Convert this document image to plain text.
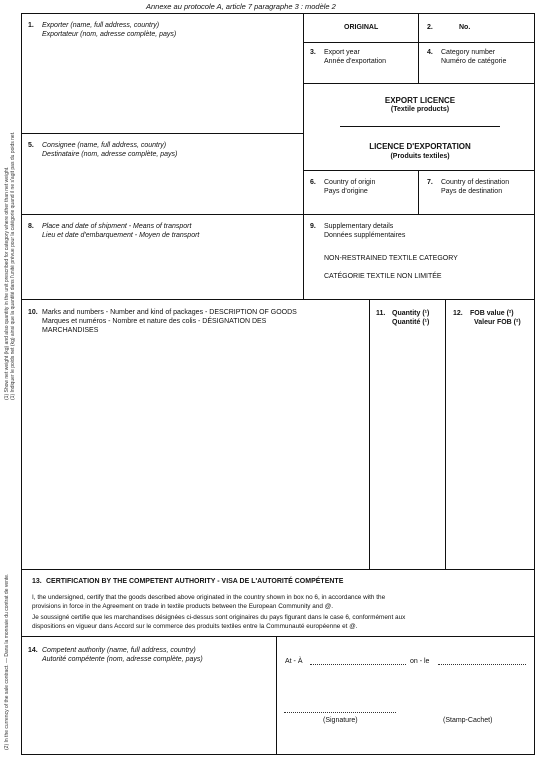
Annexe au protocole A, article 7 paragraphe 3 : modèle 2
(1) Show net weight (kg) and also quantity in the unit prescribed for category where other than net weight. (1) Indiquer le poids net (kg) ainsi que la quantité dans l'unité prévue pour la catégorie quand il ne s'agit pas du poids net.
(2) In the currency of the sale contract. — Dans la monnaie du contrat de vente.
1. Exporter (name, full address, country)
Exportateur (nom, adresse complète, pays)
ORIGINAL	2.	No.
3. Export year
Année d'exportation
4. Category number
Numéro de catégorie
EXPORT LICENCE
(Textile products)
LICENCE D'EXPORTATION
(Produits textiles)
5. Consignee (name, full address, country)
Destinataire (nom, adresse complète, pays)
6. Country of origin
Pays d'origine
7. Country of destination
Pays de destination
8. Place and date of shipment - Means of transport
Lieu et date d'embarquement - Moyen de transport
9. Supplementary details
Données supplémentaires
NON-RESTRAINED TEXTILE CATEGORY
CATÉGORIE TEXTILE NON LIMITÉE
10. Marks and numbers - Number and kind of packages - DESCRIPTION OF GOODS
Marques et numéros - Nombre et nature des colis - DÉSIGNATION DES
MARCHANDISES
11. Quantity (¹)
Quantité (¹)
12. FOB value (²)
Valeur FOB (²)
13. CERTIFICATION BY THE COMPETENT AUTHORITY - VISA DE L'AUTORITÉ COMPÉTENTE
I, the undersigned, certify that the goods described above originated in the country shown in box no 6, in accordance with the
provisions in force in the Agreement on trade in textile products between the European Community and @.
Je soussigné certifie que les marchandises désignées ci-dessus sont originaires du pays figurant dans le case 6, conformément aux
dispositions en vigueur dans Accord sur le commerce des produits textiles entre la Communauté européenne et @.
14. Competent authority (name, full address, country)
Autorité compétente (nom, adresse complète, pays)	At - À	on - le
(Signature)	(Stamp-Cachet)
